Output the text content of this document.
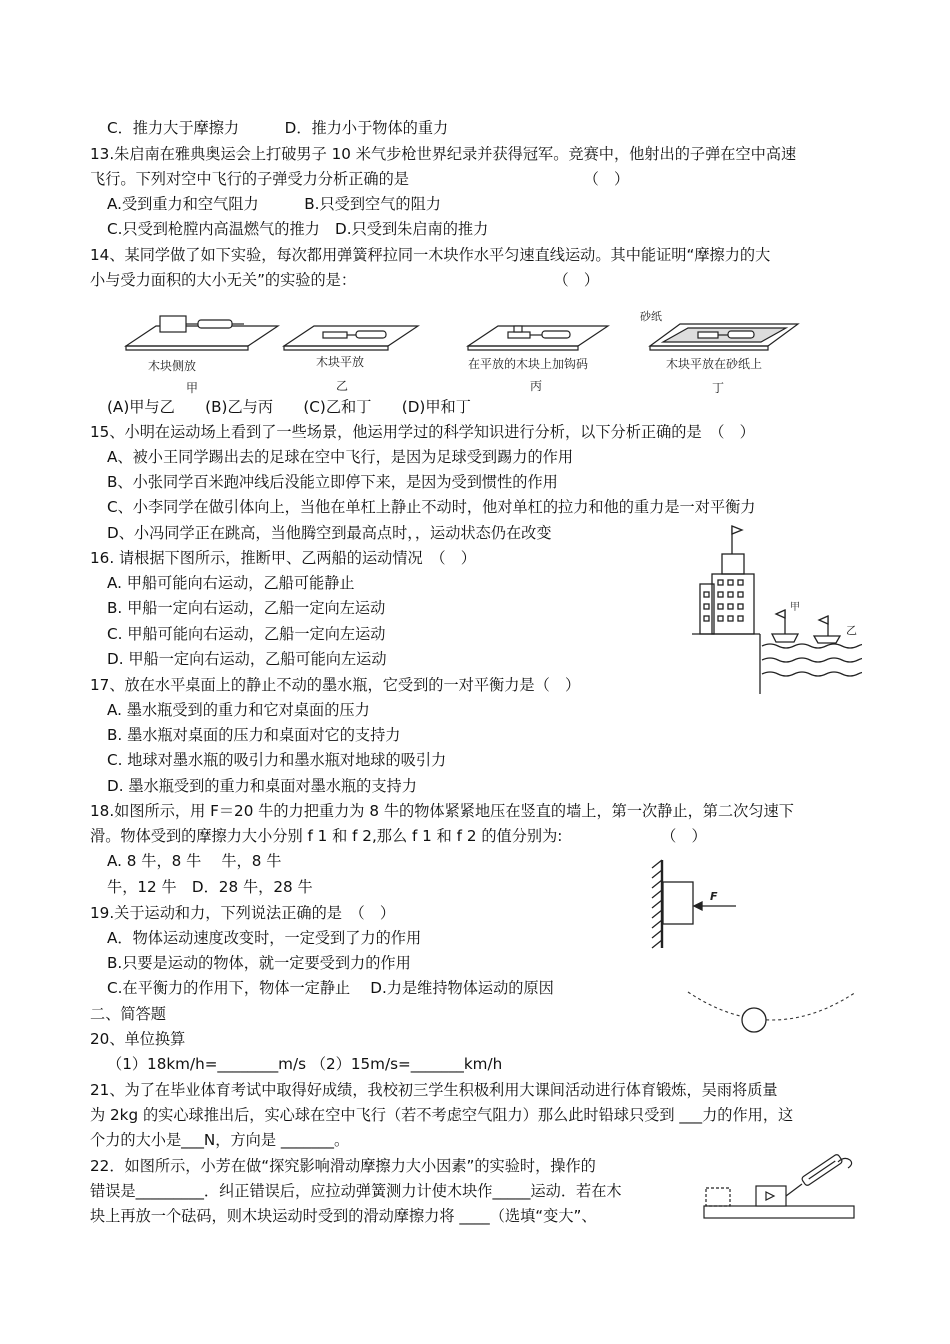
C．推力大于摩擦力　　　D．推力小于物体的重力
13.朱启南在雅典奥运会上打破男子 10 米气步枪世界纪录并获得冠军。竞赛中，他射出的子弹在空中高速
飞行。下列对空中飞行的子弹受力分析正确的是　　　　　　　　　　　　（　）
A.受到重力和空气阻力　　　B.只受到空气的阻力
C.只受到枪膛内高温燃气的推力　D.只受到朱启南的推力
14、某同学做了如下实验，每次都用弹簧秤拉同一木块作水平匀速直线运动。其中能证明“摩擦力的大
小与受力面积的大小无关”的实验的是：　　　　　　　　　　　　　　（　）
木块侧放
甲
木块平放
乙
在平放的木块上加钩码
丙
砂纸
木块平放在砂纸上
丁
(A)甲与乙　　(B)乙与丙　　(C)乙和丁　　(D)甲和丁
15、小明在运动场上看到了一些场景，他运用学过的科学知识进行分析，以下分析正确的是　（　）
A、被小王同学踢出去的足球在空中飞行，是因为足球受到踢力的作用
B、小张同学百米跑冲线后没能立即停下来，是因为受到惯性的作用
C、小李同学在做引体向上，当他在单杠上静止不动时，他对单杠的拉力和他的重力是一对平衡力
D、小冯同学正在跳高，当他腾空到最高点时，，运动状态仍在改变
16. 请根据下图所示，推断甲、乙两船的运动情况　（　）
A. 甲船可能向右运动，乙船可能静止
B. 甲船一定向右运动，乙船一定向左运动
C. 甲船可能向右运动，乙船一定向左运动
D. 甲船一定向右运动，乙船可能向左运动
甲
乙
17、放在水平桌面上的静止不动的墨水瓶，它受到的一对平衡力是（　）
A. 墨水瓶受到的重力和它对桌面的压力
B. 墨水瓶对桌面的压力和桌面对它的支持力
C. 地球对墨水瓶的吸引力和墨水瓶对地球的吸引力
D. 墨水瓶受到的重力和桌面对墨水瓶的支持力
18.如图所示，用 F＝20 牛的力把重力为 8 牛的物体紧紧地压在竖直的墙上，第一次静止，第二次匀速下
滑。物体受到的摩擦力大小分别 f 1 和 f 2,那么 f 1 和 f 2 的值分别为:　　　　　　　（　）
A. 8 牛，8 牛　 牛，8 牛
牛，12 牛　D．28 牛，28 牛
F
19.关于运动和力，下列说法正确的是　（　）
A．物体运动速度改变时，一定受到了力的作用
B.只要是运动的物体，就一定要受到力的作用
C.在平衡力的作用下，物体一定静止　 D.力是维持物体运动的原因
二、简答题
20、单位换算
（1）18km/h=________m/s （2）15m/s=_______km/h
21、为了在毕业体育考试中取得好成绩，我校初三学生积极利用大课间活动进行体育锻炼，吴雨将质量
为 2kg 的实心球推出后，实心球在空中飞行（若不考虑空气阻力）那么此时铅球只受到 ___力的作用，这
个力的大小是___N，方向是 _______。
22．如图所示，小芳在做“探究影响滑动摩擦力大小因素”的实验时，操作的
错误是_________．纠正错误后，应拉动弹簧测力计使木块作_____运动．若在木
块上再放一个砝码，则木块运动时受到的滑动摩擦力将 ____（选填“变大”、
